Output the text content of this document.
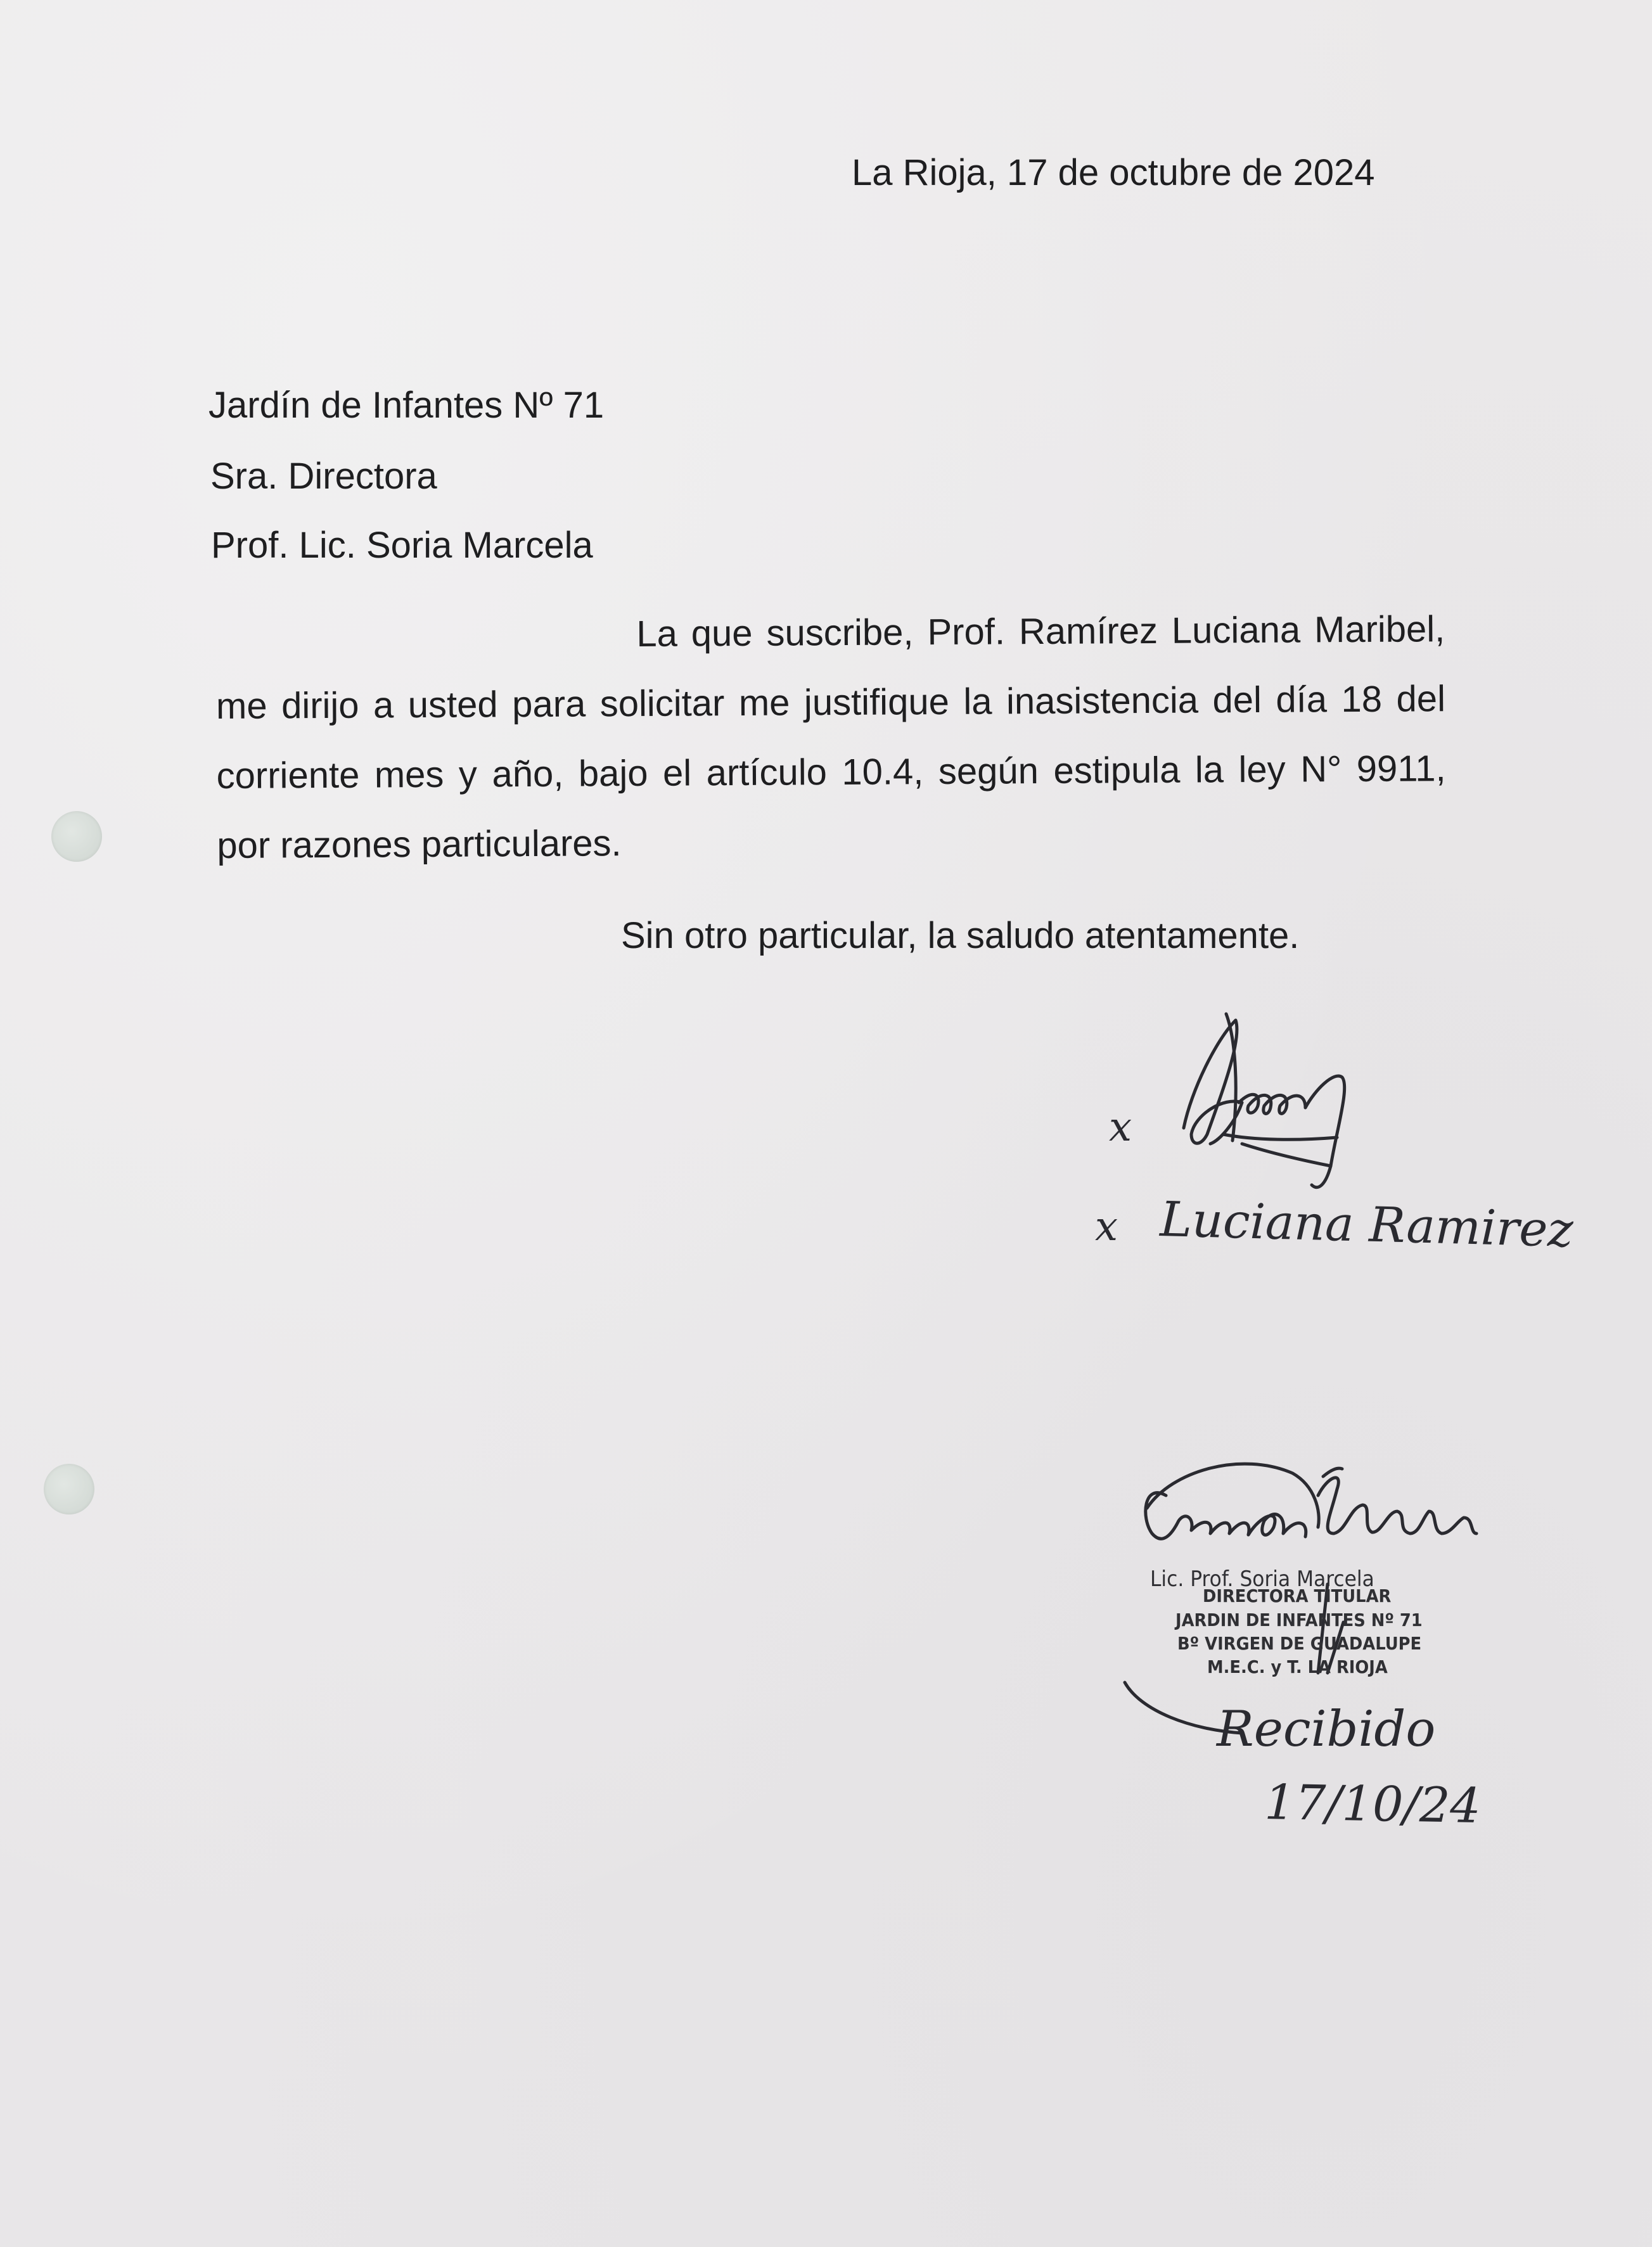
La Rioja, 17 de octubre de 2024
Jardín de Infantes Nº 71
Sra. Directora
Prof. Lic. Soria Marcela
La que suscribe, Prof. Ramírez Luciana Maribel, me dirijo a usted para solicitar me justifique la inasistencia del día 18 del corriente mes y año, bajo el artículo 10.4, según estipula la ley N° 9911, por razones particulares.
Sin otro particular, la saludo atentamente.
x
x Luciana Ramirez
Recibido
17/10/24
Lic. Prof. Soria Marcela
DIRECTORA TITULAR
JARDIN DE INFANTES Nº 71
Bº VIRGEN DE GUADALUPE
M.E.C. y T. LA RIOJA
